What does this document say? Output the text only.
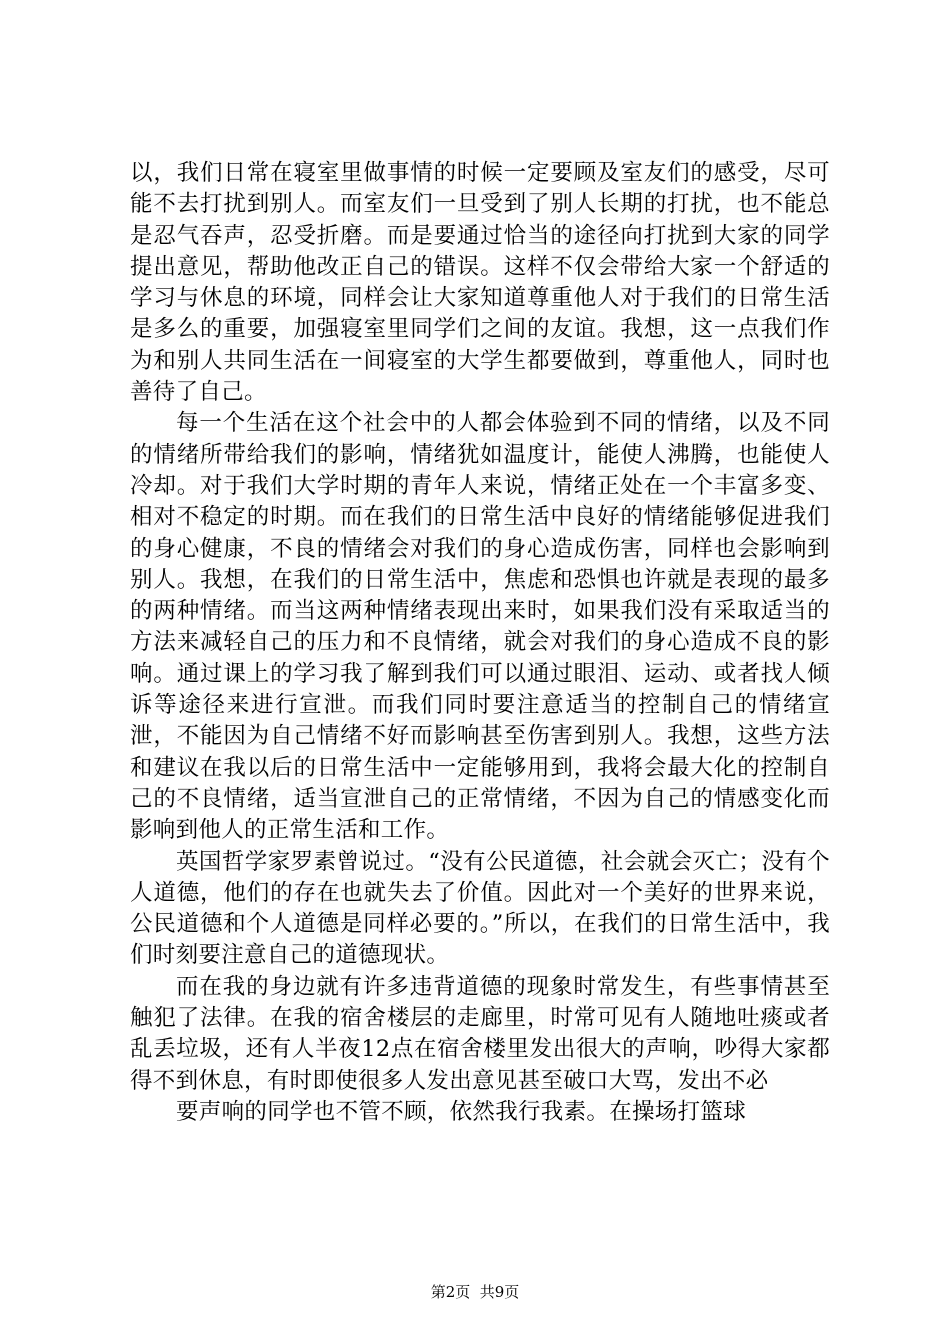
以，我们日常在寝室里做事情的时候一定要顾及室友们的感受，尽可能不去打扰到别人。而室友们一旦受到了别人长期的打扰，也不能总是忍气吞声，忍受折磨。而是要通过恰当的途径向打扰到大家的同学提出意见，帮助他改正自己的错误。这样不仅会带给大家一个舒适的学习与休息的环境，同样会让大家知道尊重他人对于我们的日常生活是多么的重要，加强寝室里同学们之间的友谊。我想，这一点我们作为和别人共同生活在一间寝室的大学生都要做到，尊重他人，同时也善待了自己。

每一个生活在这个社会中的人都会体验到不同的情绪，以及不同的情绪所带给我们的影响，情绪犹如温度计，能使人沸腾，也能使人冷却。对于我们大学时期的青年人来说，情绪正处在一个丰富多变、相对不稳定的时期。而在我们的日常生活中良好的情绪能够促进我们的身心健康，不良的情绪会对我们的身心造成伤害，同样也会影响到别人。我想，在我们的日常生活中，焦虑和恐惧也许就是表现的最多的两种情绪。而当这两种情绪表现出来时，如果我们没有采取适当的方法来减轻自己的压力和不良情绪，就会对我们的身心造成不良的影响。通过课上的学习我了解到我们可以通过眼泪、运动、或者找人倾诉等途径来进行宣泄。而我们同时要注意适当的控制自己的情绪宣泄，不能因为自己情绪不好而影响甚至伤害到别人。我想，这些方法和建议在我以后的日常生活中一定能够用到，我将会最大化的控制自己的不良情绪，适当宣泄自己的正常情绪，不因为自己的情感变化而影响到他人的正常生活和工作。

英国哲学家罗素曾说过。“没有公民道德，社会就会灭亡；没有个人道德，他们的存在也就失去了价值。因此对一个美好的世界来说，公民道德和个人道德是同样必要的。”所以，在我们的日常生活中，我们时刻要注意自己的道德现状。

而在我的身边就有许多违背道德的现象时常发生，有些事情甚至触犯了法律。在我的宿舍楼层的走廊里，时常可见有人随地吐痰或者乱丢垃圾，还有人半夜12点在宿舍楼里发出很大的声响，吵得大家都得不到休息，有时即使很多人发出意见甚至破口大骂，发出不必

要声响的同学也不管不顾，依然我行我素。在操场打篮球

第2页  共9页
